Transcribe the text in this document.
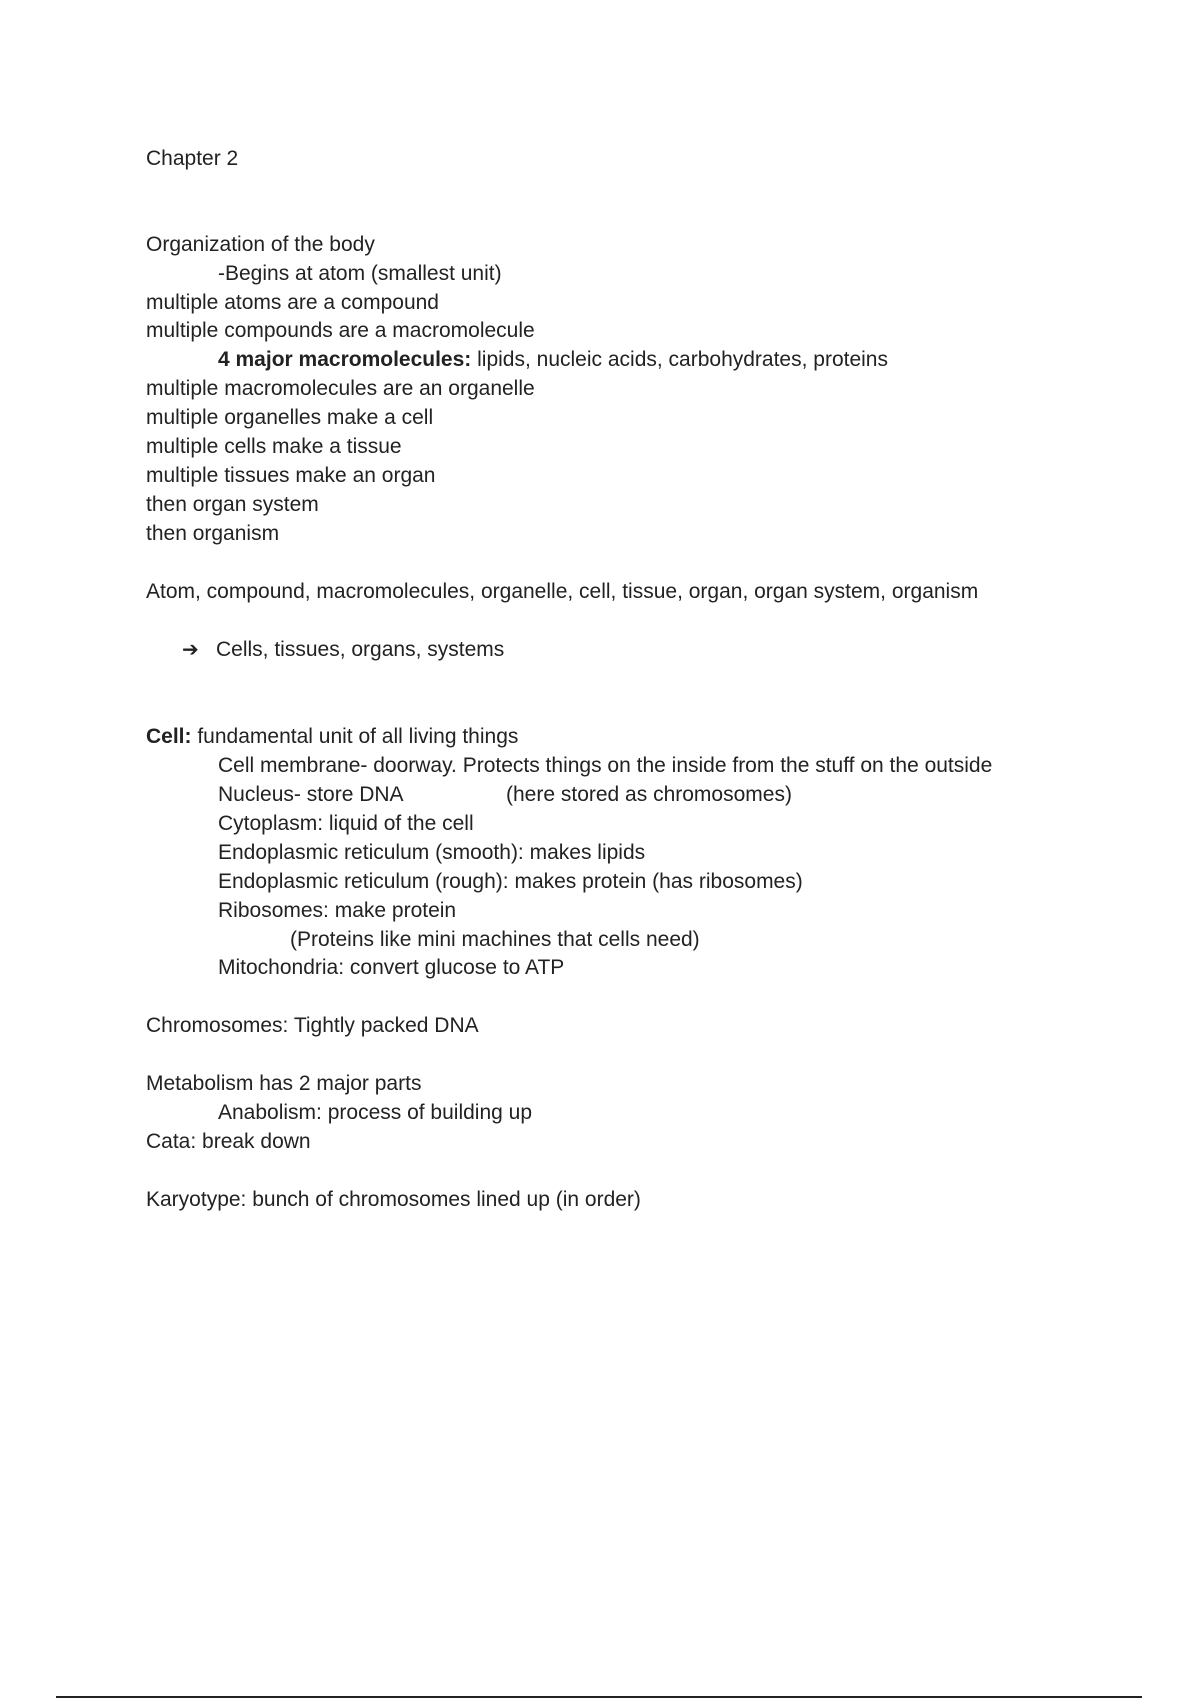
Chapter 2
Organization of the body
-Begins at atom (smallest unit)
multiple atoms are a compound
multiple compounds are a macromolecule
4 major macromolecules: lipids, nucleic acids, carbohydrates, proteins
multiple macromolecules are an organelle
multiple organelles make a cell
multiple cells make a tissue
multiple tissues make an organ
then organ system
then organism
Atom, compound, macromolecules, organelle, cell, tissue, organ, organ system, organism
➔ Cells, tissues, organs, systems
Cell: fundamental unit of all living things
Cell membrane- doorway. Protects things on the inside from the stuff on the outside
Nucleus- store DNA	(here stored as chromosomes)
Cytoplasm: liquid of the cell
Endoplasmic reticulum (smooth): makes lipids
Endoplasmic reticulum (rough): makes protein (has ribosomes)
Ribosomes: make protein
(Proteins like mini machines that cells need)
Mitochondria: convert glucose to ATP
Chromosomes: Tightly packed DNA
Metabolism has 2 major parts
Anabolism: process of building up
Cata: break down
Karyotype: bunch of chromosomes lined up (in order)
